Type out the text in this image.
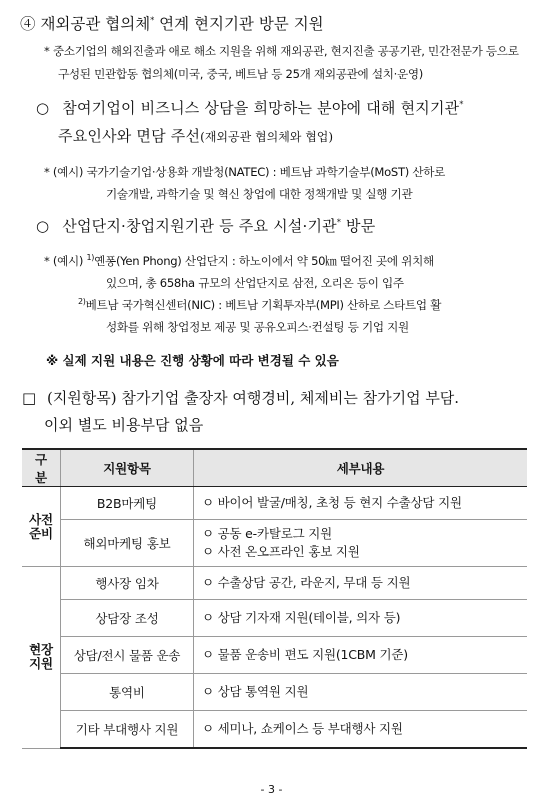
④ 재외공관 협의체* 연계 현지기관 방문 지원
* 중소기업의 해외진출과 애로 해소 지원을 위해 재외공관, 현지진출 공공기관, 민간전문가 등으로
구성된 민관합동 협의체(미국, 중국, 베트남 등 25개 재외공관에 설치·운영)
○ 참여기업이 비즈니스 상담을 희망하는 분야에 대해 현지기관*
주요인사와 면담 주선(재외공관 협의체와 협업)
* (예시) 국가기술기업·상용화 개발청(NATEC) : 베트남 과학기술부(MoST) 산하로
기술개발, 과학기술 및 혁신 창업에 대한 정책개발 및 실행 기관
○ 산업단지·창업지원기관 등 주요 시설·기관* 방문
* (예시) $^{1)}$옌퐁(Yen Phong) 산업단지 : 하노이에서 약 50㎞ 떨어진 곳에 위치해
있으며, 총 658ha 규모의 산업단지로 삼전, 오리온 등이 입주
$^{2)}$베트남 국가혁신센터(NIC) : 베트남 기획투자부(MPI) 산하로 스타트업 활
성화를 위해 창업정보 제공 및 공유오피스·컨설팅 등 기업 지원
※ 실제 지원 내용은 진행 상황에 따라 변경될 수 있음
□ (지원항목) 참가기업 출장자 여행경비, 체제비는 참가기업 부담.
이외 별도 비용부담 없음
구분	지원항목	세부내용
사전
준비	B2B마케팅	ㅇ 바이어 발굴/매칭, 초청 등 현지 수출상담 지원
	해외마케팅 홍보	ㅇ 공동 e-카탈로그 지원
ㅇ 사전 온오프라인 홍보 지원
현장
지원	행사장 임차	ㅇ 수출상담 공간, 라운지, 무대 등 지원
	상담장 조성	ㅇ 상담 기자재 지원(테이블, 의자 등)
	상담/전시 물품 운송	ㅇ 물품 운송비 편도 지원(1CBM 기준)
	통역비	ㅇ 상담 통역원 지원
	기타 부대행사 지원	ㅇ 세미나, 쇼케이스 등 부대행사 지원
- 3 -
